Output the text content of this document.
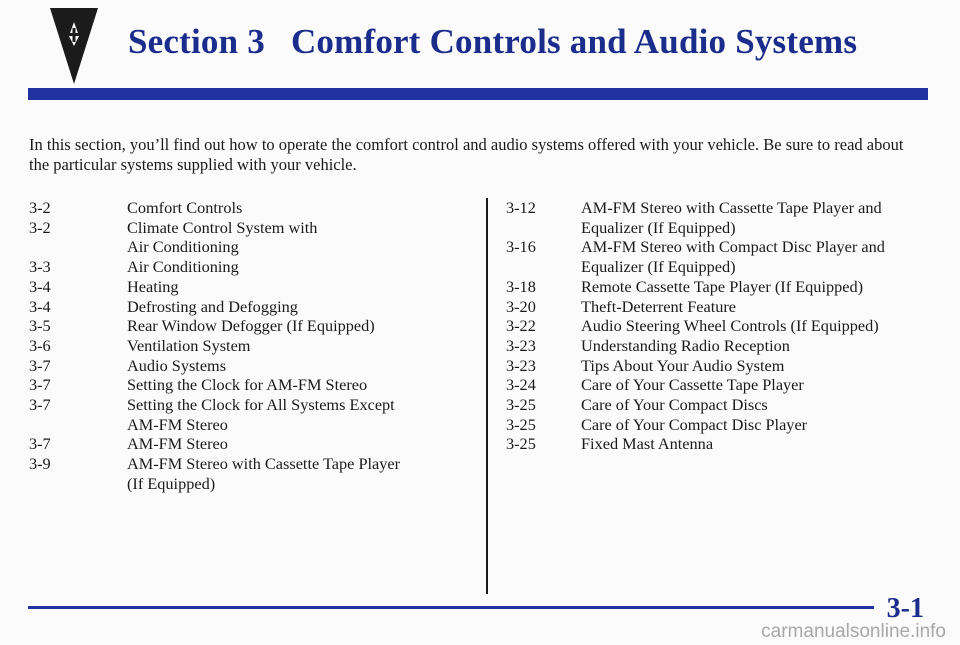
Section 3 Comfort Controls and Audio Systems
In this section, you’ll find out how to operate the comfort control and audio systems offered with your vehicle. Be sure to read about the particular systems supplied with your vehicle.
3-2	Comfort Controls
3-2	Climate Control System with
Air Conditioning
3-3	Air Conditioning
3-4	Heating
3-4	Defrosting and Defogging
3-5	Rear Window Defogger (If Equipped)
3-6	Ventilation System
3-7	Audio Systems
3-7	Setting the Clock for AM-FM Stereo
3-7	Setting the Clock for All Systems Except
AM-FM Stereo
3-7	AM-FM Stereo
3-9	AM-FM Stereo with Cassette Tape Player
(If Equipped)
3-12	AM-FM Stereo with Cassette Tape Player and
Equalizer (If Equipped)
3-16	AM-FM Stereo with Compact Disc Player and
Equalizer (If Equipped)
3-18	Remote Cassette Tape Player (If Equipped)
3-20	Theft-Deterrent Feature
3-22	Audio Steering Wheel Controls (If Equipped)
3-23	Understanding Radio Reception
3-23	Tips About Your Audio System
3-24	Care of Your Cassette Tape Player
3-25	Care of Your Compact Discs
3-25	Care of Your Compact Disc Player
3-25	Fixed Mast Antenna
3-1
carmanualsonline.info
